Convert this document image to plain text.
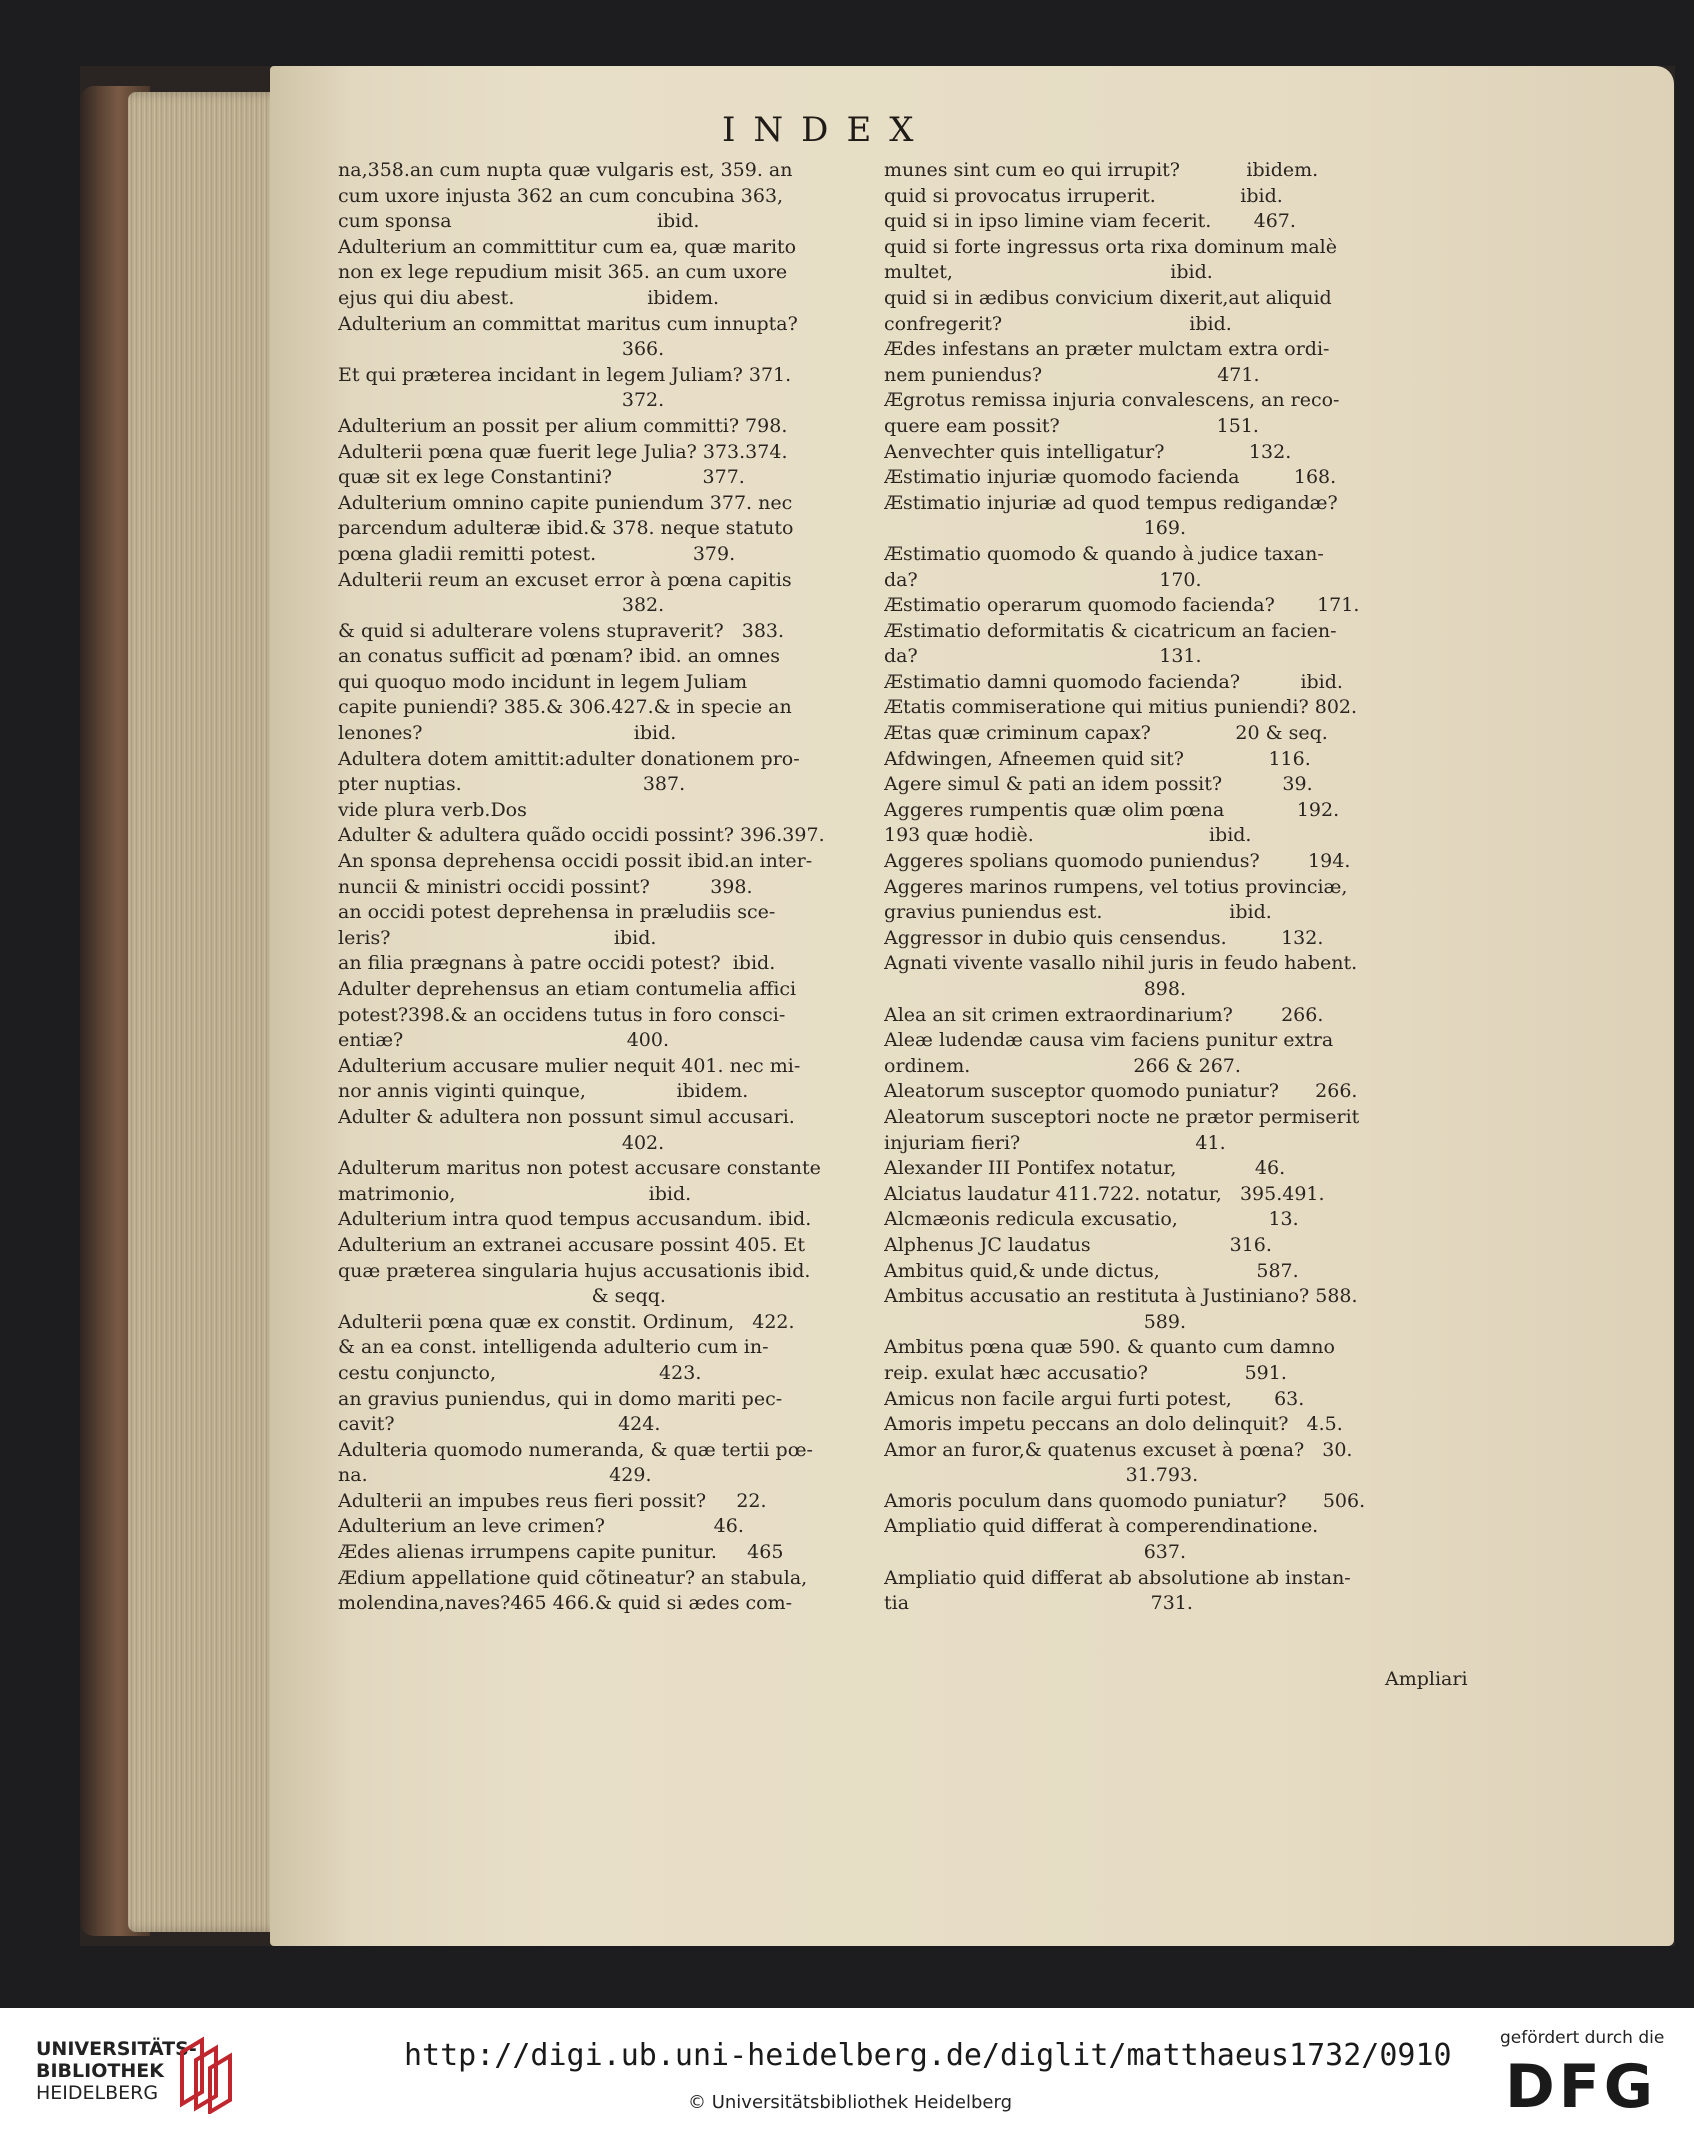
INDEX

na,358.an cum nupta quæ vulgaris est, 359. an

cum uxore injusta 362 an cum concubina 363,

cum sponsa                                  ibid.

Adulterium an committitur cum ea, quæ marito

non ex lege repudium misit 365. an cum uxore

ejus qui diu abest.                      ibidem.

Adulterium an committat maritus cum innupta?

366.

Et qui præterea incidant in legem Juliam? 371.

372.

Adulterium an possit per alium committi? 798.

Adulterii pœna quæ fuerit lege Julia? 373.374.

quæ sit ex lege Constantini?               377.

Adulterium omnino capite puniendum 377. nec

parcendum adulteræ ibid.& 378. neque statuto

pœna gladii remitti potest.                379.

Adulterii reum an excuset error à pœna capitis

382.

& quid si adulterare volens stupraverit?   383.

an conatus sufficit ad pœnam? ibid. an omnes

qui quoquo modo incidunt in legem Juliam

capite puniendi? 385.& 306.427.& in specie an

lenones?                                   ibid.

Adultera dotem amittit:adulter donationem pro-

pter nuptias.                              387.

vide plura verb.Dos

Adulter & adultera quãdo occidi possint? 396.397.

An sponsa deprehensa occidi possit ibid.an inter-

nuncii & ministri occidi possint?          398.

an occidi potest deprehensa in præludiis sce-

leris?                                     ibid.

an filia prægnans à patre occidi potest?  ibid.

Adulter deprehensus an etiam contumelia affici

potest?398.& an occidens tutus in foro consci-

entiæ?                                     400.

Adulterium accusare mulier nequit 401. nec mi-

nor annis viginti quinque,               ibidem.

Adulter & adultera non possunt simul accusari.

402.

Adulterum maritus non potest accusare constante

matrimonio,                                ibid.

Adulterium intra quod tempus accusandum. ibid.

Adulterium an extranei accusare possint 405. Et

quæ præterea singularia hujus accusationis ibid.

& seqq.

Adulterii pœna quæ ex constit. Ordinum,   422.

& an ea const. intelligenda adulterio cum in-

cestu conjuncto,                           423.

an gravius puniendus, qui in domo mariti pec-

cavit?                                     424.

Adulteria quomodo numeranda, & quæ tertii pœ-

na.                                        429.

Adulterii an impubes reus fieri possit?     22.

Adulterium an leve crimen?                  46.

Ædes alienas irrumpens capite punitur.     465

Ædium appellatione quid cõtineatur? an stabula,

molendina,naves?465 466.& quid si ædes com-

munes sint cum eo qui irrupit?           ibidem.

quid si provocatus irruperit.              ibid.

quid si in ipso limine viam fecerit.       467.

quid si forte ingressus orta rixa dominum malè

multet,                                    ibid.

quid si in ædibus convicium dixerit,aut aliquid

confregerit?                               ibid.

Ædes infestans an præter mulctam extra ordi-

nem puniendus?                             471.

Ægrotus remissa injuria convalescens, an reco-

quere eam possit?                          151.

Aenvechter quis intelligatur?              132.

Æstimatio injuriæ quomodo facienda         168.

Æstimatio injuriæ ad quod tempus redigandæ?

169.

Æstimatio quomodo & quando à judice taxan-

da?                                        170.

Æstimatio operarum quomodo facienda?       171.

Æstimatio deformitatis & cicatricum an facien-

da?                                        131.

Æstimatio damni quomodo facienda?          ibid.

Ætatis commiseratione qui mitius puniendi? 802.

Ætas quæ criminum capax?              20 & seq.

Afdwingen, Afneemen quid sit?              116.

Agere simul & pati an idem possit?          39.

Aggeres rumpentis quæ olim pœna            192.

193 quæ hodiè.                             ibid.

Aggeres spolians quomodo puniendus?        194.

Aggeres marinos rumpens, vel totius provinciæ,

gravius puniendus est.                     ibid.

Aggressor in dubio quis censendus.         132.

Agnati vivente vasallo nihil juris in feudo habent.

898.

Alea an sit crimen extraordinarium?        266.

Aleæ ludendæ causa vim faciens punitur extra

ordinem.                           266 & 267.

Aleatorum susceptor quomodo puniatur?      266.

Aleatorum susceptori nocte ne prætor permiserit

injuriam fieri?                             41.

Alexander III Pontifex notatur,             46.

Alciatus laudatur 411.722. notatur,   395.491.

Alcmæonis redicula excusatio,               13.

Alphenus JC laudatus                       316.

Ambitus quid,& unde dictus,                587.

Ambitus accusatio an restituta à Justiniano? 588.

589.

Ambitus pœna quæ 590. & quanto cum damno

reip. exulat hæc accusatio?                591.

Amicus non facile argui furti potest,       63.

Amoris impetu peccans an dolo delinquit?   4.5.

Amor an furor,& quatenus excuset à pœna?   30.

31.793.

Amoris poculum dans quomodo puniatur?      506.

Ampliatio quid differat à comperendinatione.

637.

Ampliatio quid differat ab absolutione ab instan-

tia                                        731.

Ampliari
UNIVERSITÄTS-
BIBLIOTHEK
HEIDELBERG
http://digi.ub.uni-heidelberg.de/diglit/matthaeus1732/0910
© Universitätsbibliothek Heidelberg
gefördert durch die
DFG
